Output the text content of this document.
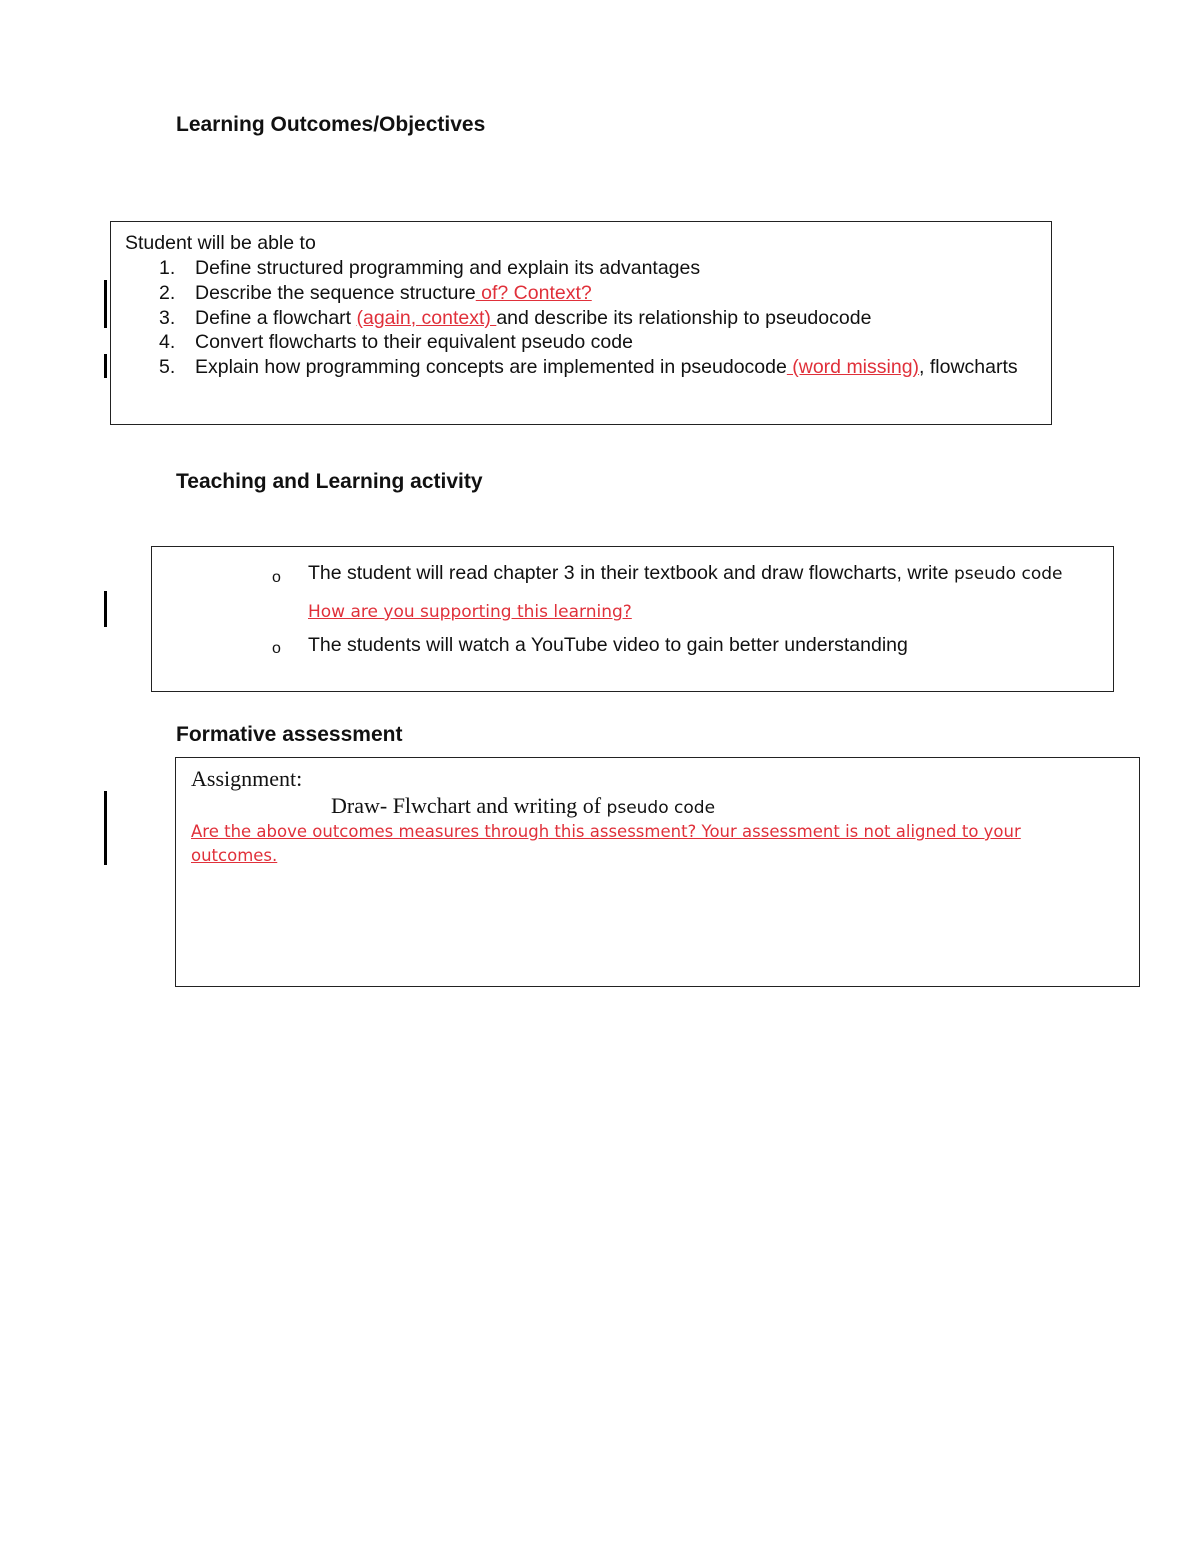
Learning Outcomes/Objectives
Student will be able to
1. Define structured programming and explain its advantages
2. Describe the sequence structure of? Context?
3. Define a flowchart (again, context) and describe its relationship to pseudocode
4. Convert flowcharts to their equivalent pseudo code
5. Explain how programming concepts are implemented in pseudocode (word missing), flowcharts
Teaching and Learning activity
o The student will read chapter 3 in their textbook and draw flowcharts, write pseudo code How are you supporting this learning?
o The students will watch a YouTube video to gain better understanding
Formative assessment
Assignment:
Draw- Flwchart and writing of pseudo code
Are the above outcomes measures through this assessment? Your assessment is not aligned to your outcomes.
